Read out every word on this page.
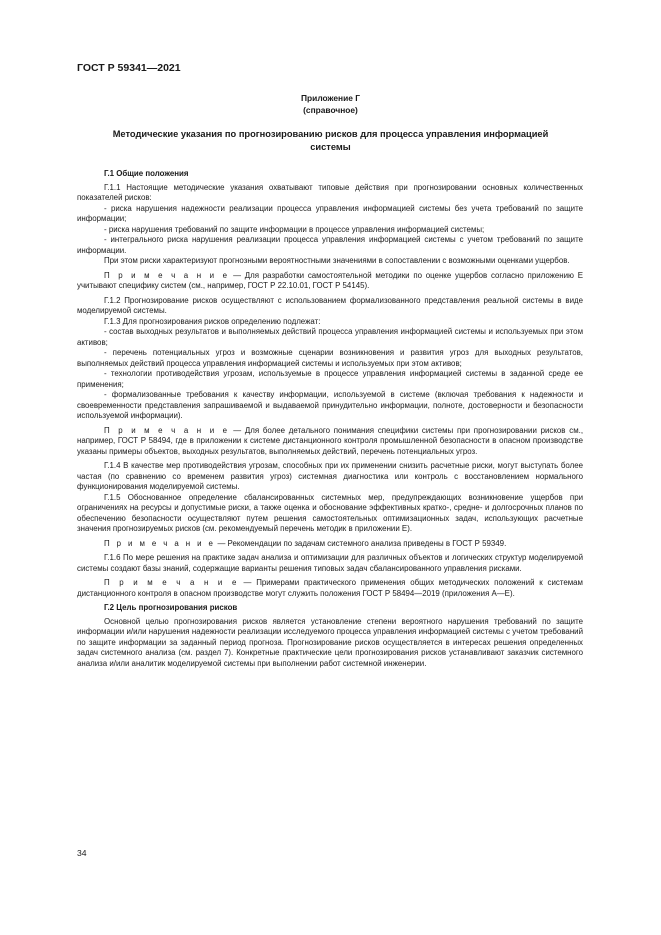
ГОСТ Р 59341—2021
Приложение Г
(справочное)
Методические указания по прогнозированию рисков для процесса управления информацией
системы

Г.1 Общие положения

Г.1.1 Настоящие методические указания охватывают типовые действия при прогнозировании основных количественных показателей рисков:

- риска нарушения надежности реализации процесса управления информацией системы без учета требований по защите информации;

- риска нарушения требований по защите информации в процессе управления информацией системы;

- интегрального риска нарушения реализации процесса управления информацией системы с учетом требований по защите информации.

При этом риски характеризуют прогнозными вероятностными значениями в сопоставлении с возможными оценками ущербов.

П р и м е ч а н и е — Для разработки самостоятельной методики по оценке ущербов согласно приложению Е учитывают специфику систем (см., например, ГОСТ Р 22.10.01, ГОСТ Р 54145).

Г.1.2 Прогнозирование рисков осуществляют с использованием формализованного представления реальной системы в виде моделируемой системы.

Г.1.3 Для прогнозирования рисков определению подлежат:

- состав выходных результатов и выполняемых действий процесса управления информацией системы и используемых при этом активов;

- перечень потенциальных угроз и возможные сценарии возникновения и развития угроз для выходных результатов, выполняемых действий процесса управления информацией системы и используемых при этом активов;

- технологии противодействия угрозам, используемые в процессе управления информацией системы в заданной среде ее применения;

- формализованные требования к качеству информации, используемой в системе (включая требования к надежности и своевременности представления запрашиваемой и выдаваемой принудительно информации, полноте, достоверности и безопасности используемой информации).

П р и м е ч а н и е — Для более детального понимания специфики системы при прогнозировании рисков см., например, ГОСТ Р 58494, где в приложении к системе дистанционного контроля промышленной безопасности в опасном производстве указаны примеры объектов, выходных результатов, выполняемых действий, перечень потенциальных угроз.

Г.1.4 В качестве мер противодействия угрозам, способных при их применении снизить расчетные риски, могут выступать более частая (по сравнению со временем развития угроз) системная диагностика или контроль с восстановлением нормального функционирования моделируемой системы.

Г.1.5 Обоснованное определение сбалансированных системных мер, предупреждающих возникновение ущербов при ограничениях на ресурсы и допустимые риски, а также оценка и обоснование эффективных кратко-, средне- и долгосрочных планов по обеспечению безопасности осуществляют путем решения самостоятельных оптимизационных задач, использующих расчетные значения прогнозируемых рисков (см. рекомендуемый перечень методик в приложении Е).

П р и м е ч а н и е — Рекомендации по задачам системного анализа приведены в ГОСТ Р 59349.

Г.1.6 По мере решения на практике задач анализа и оптимизации для различных объектов и логических структур моделируемой системы создают базы знаний, содержащие варианты решения типовых задач сбалансированного управления рисками.

П р и м е ч а н и е — Примерами практического применения общих методических положений к системам дистанционного контроля в опасном производстве могут служить положения ГОСТ Р 58494—2019 (приложения А—Е).

Г.2 Цель прогнозирования рисков

Основной целью прогнозирования рисков является установление степени вероятного нарушения требований по защите информации и/или нарушения надежности реализации исследуемого процесса управления информацией системы с учетом требований по защите информации за заданный период прогноза. Прогнозирование рисков осуществляется в интересах решения определенных задач системного анализа (см. раздел 7). Конкретные практические цели прогнозирования рисков устанавливают заказчик системного анализа и/или аналитик моделируемой системы при выполнении работ системной инженерии.

34
